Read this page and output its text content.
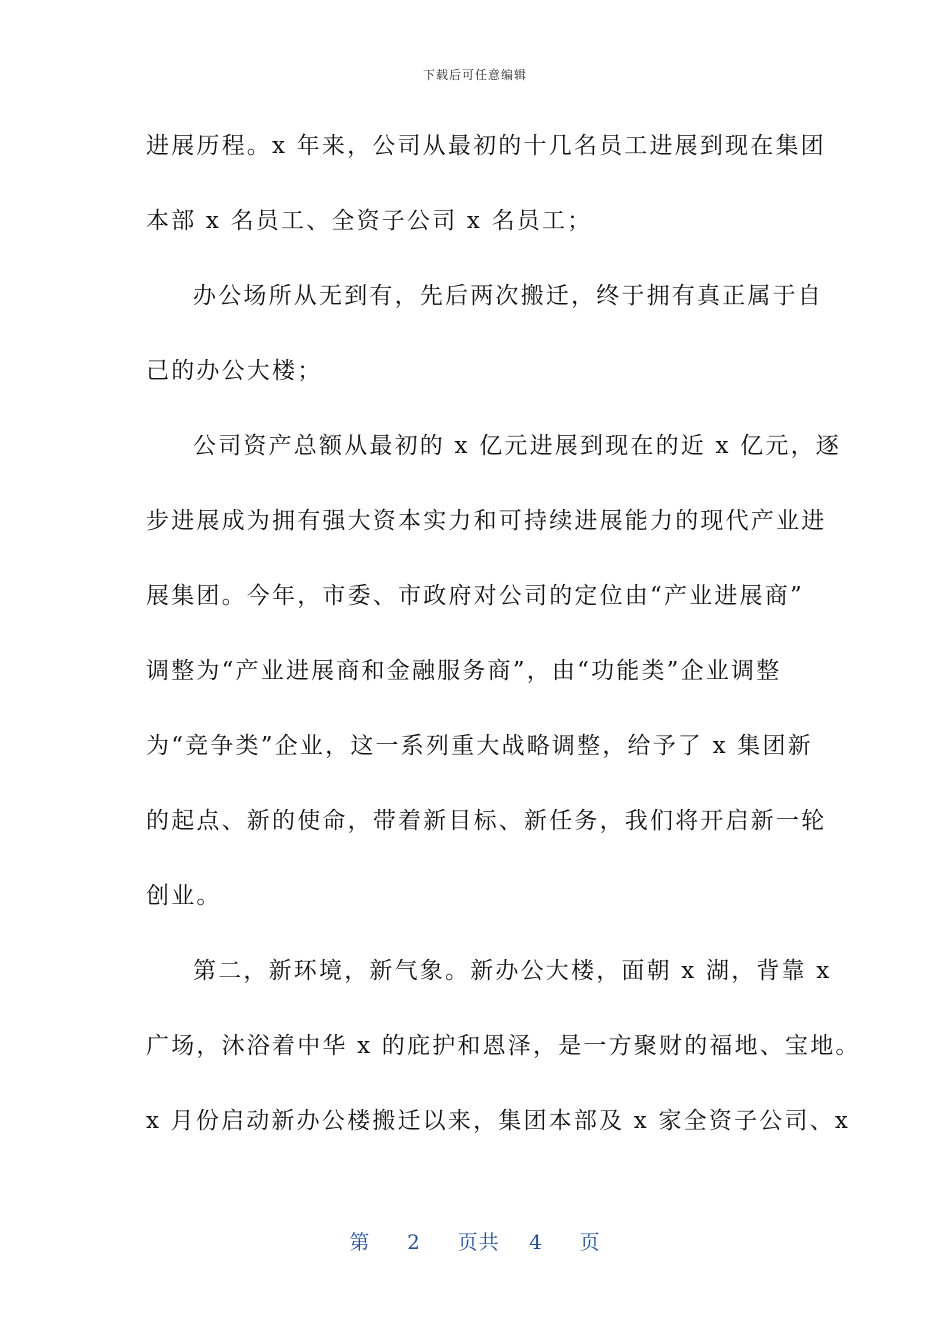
下载后可任意编辑
进展历程。x 年来，公司从最初的十几名员工进展到现在集团
本部 x 名员工、全资子公司 x 名员工；
办公场所从无到有，先后两次搬迁，终于拥有真正属于自
己的办公大楼；
公司资产总额从最初的 x 亿元进展到现在的近 x 亿元，逐
步进展成为拥有强大资本实力和可持续进展能力的现代产业进
展集团。今年，市委、市政府对公司的定位由“产业进展商”
调整为“产业进展商和金融服务商”，由“功能类”企业调整
为“竞争类”企业，这一系列重大战略调整，给予了 x 集团新
的起点、新的使命，带着新目标、新任务，我们将开启新一轮
创业。
第二，新环境，新气象。新办公大楼，面朝 x 湖，背靠 x
广场，沐浴着中华 x 的庇护和恩泽，是一方聚财的福地、宝地。
x 月份启动新办公楼搬迁以来，集团本部及 x 家全资子公司、x
第 2 页共 4 页
